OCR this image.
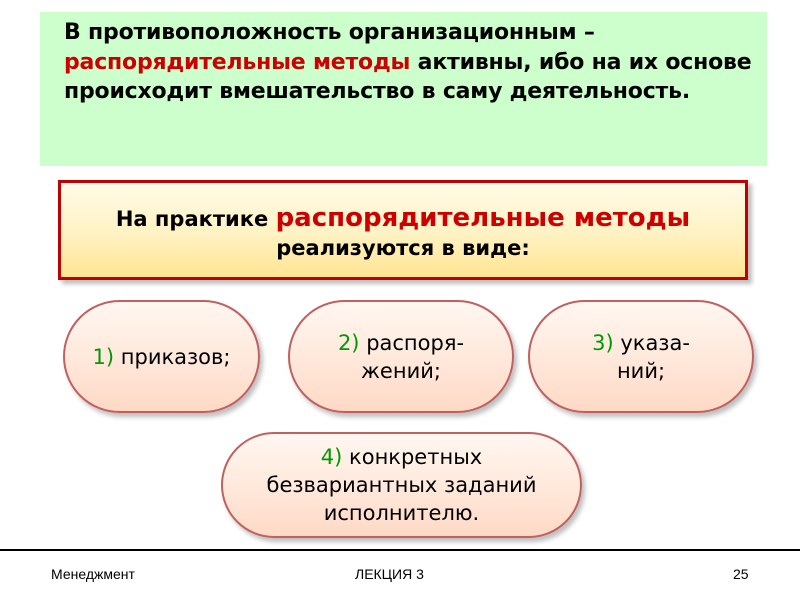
В противоположность организационным –
распорядительные методы активны, ибо на их основе происходит вмешательство в саму деятельность.
На практике распорядительные методы
реализуются в виде:
1) приказов;
2) распоря-
жений;
3) указа-
ний;
4) конкретных
безвариантных заданий
исполнителю.
Менеджмент	ЛЕКЦИЯ 3	25
